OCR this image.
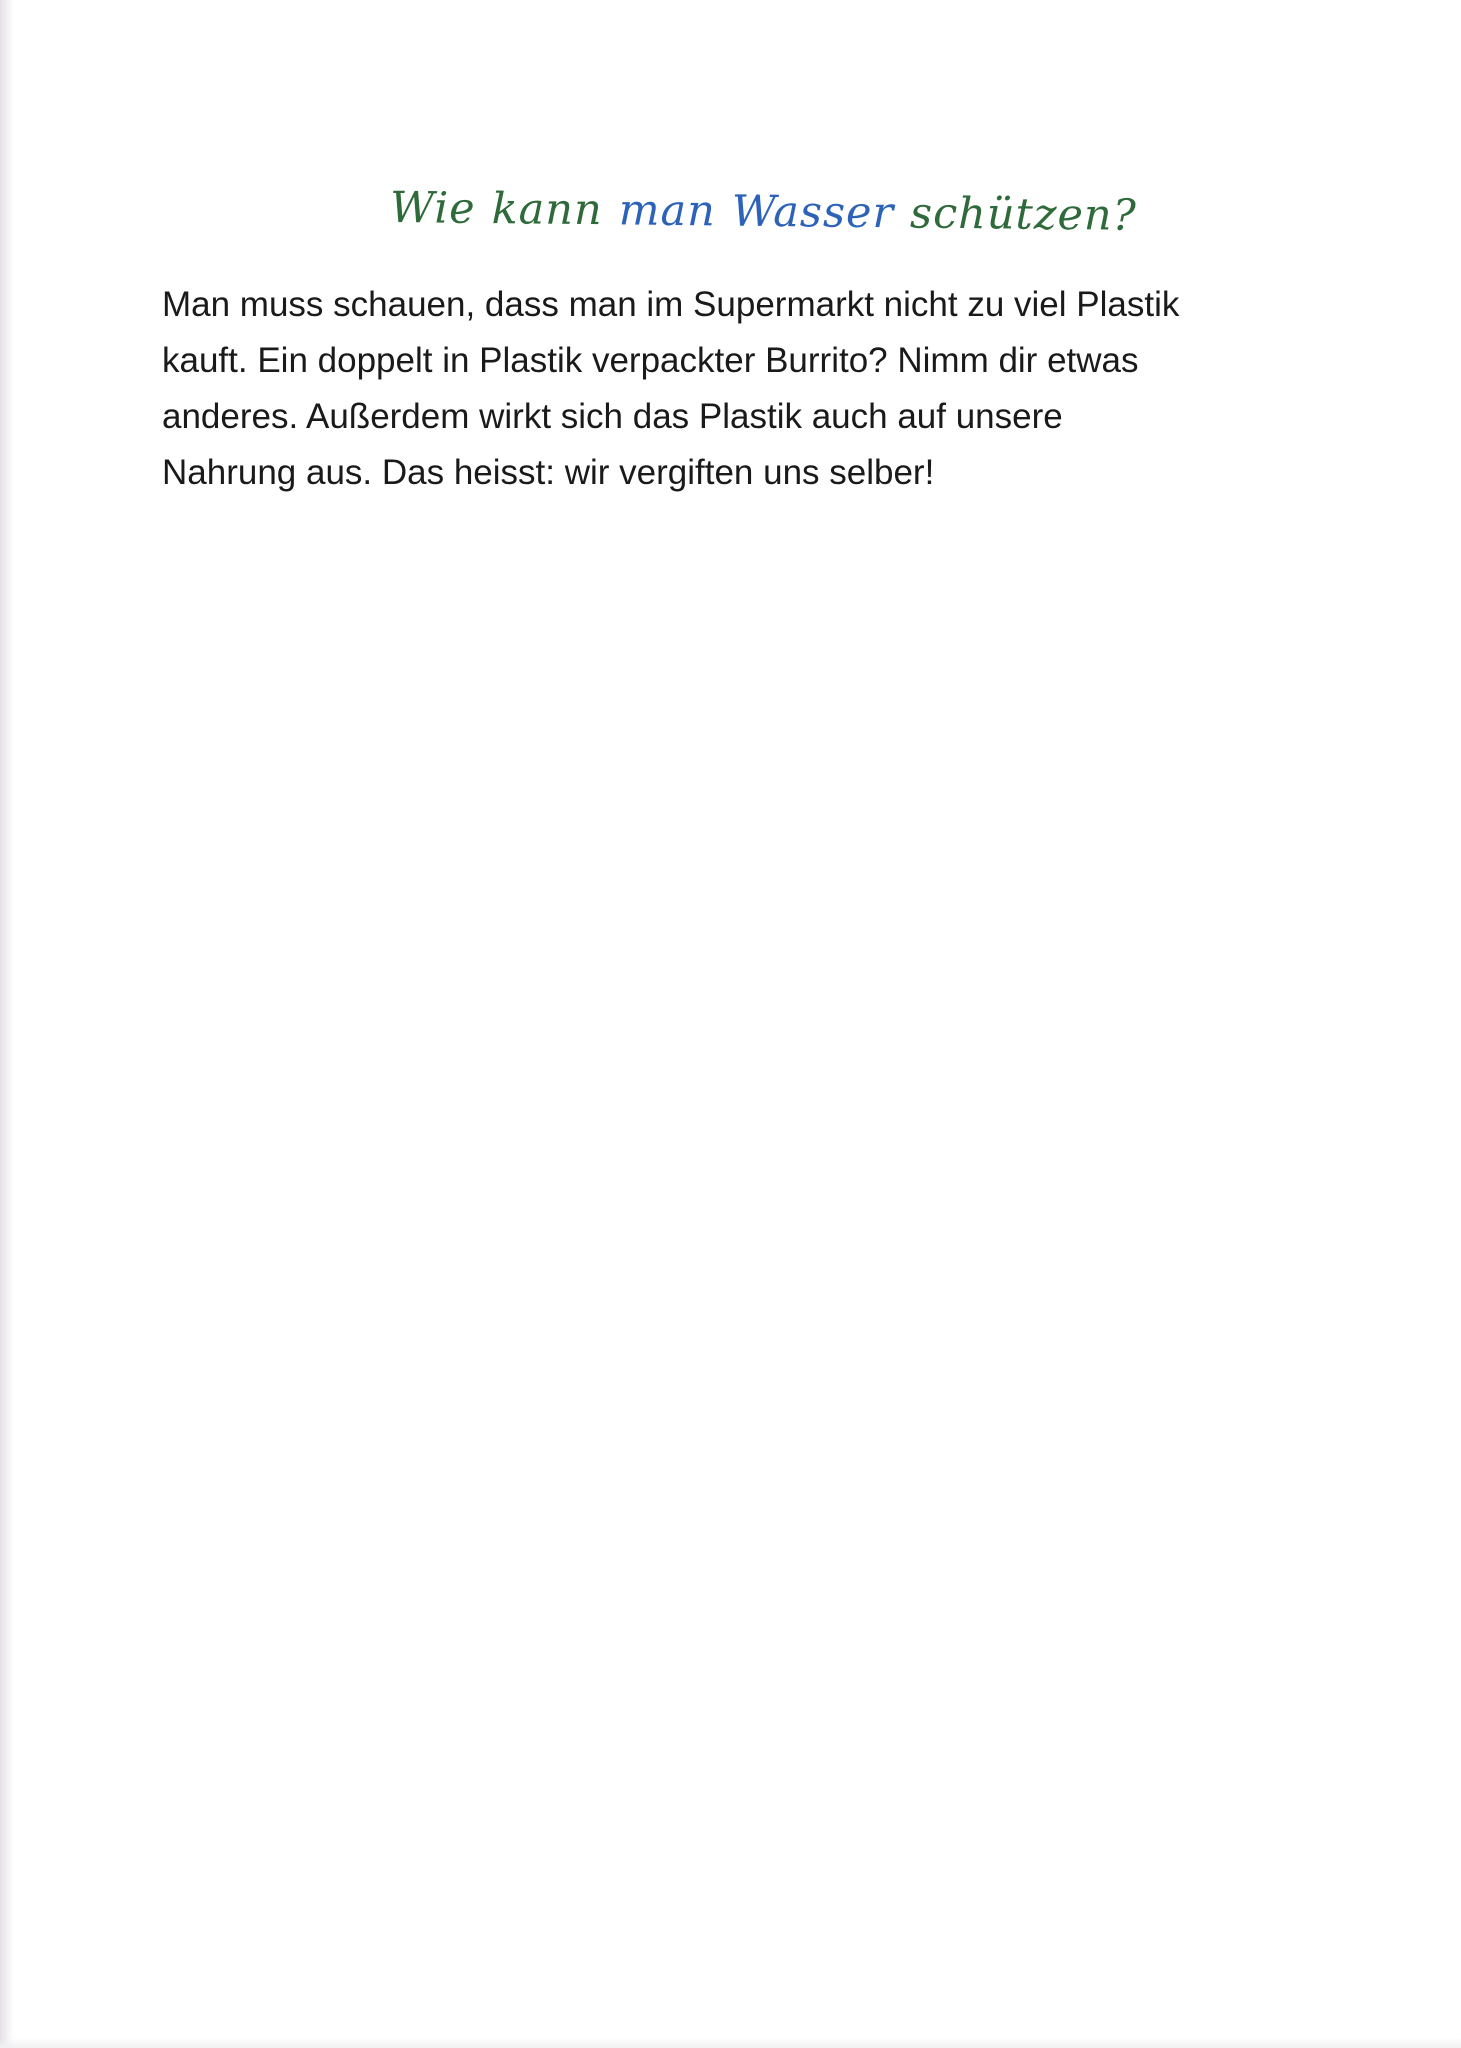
Wie kann man Wasser schützen?

Man muss schauen, dass man im Supermarkt nicht zu viel Plastik
kauft. Ein doppelt in Plastik verpackter Burrito? Nimm dir etwas
anderes. Außerdem wirkt sich das Plastik auch auf unsere
Nahrung aus. Das heisst: wir vergiften uns selber!
